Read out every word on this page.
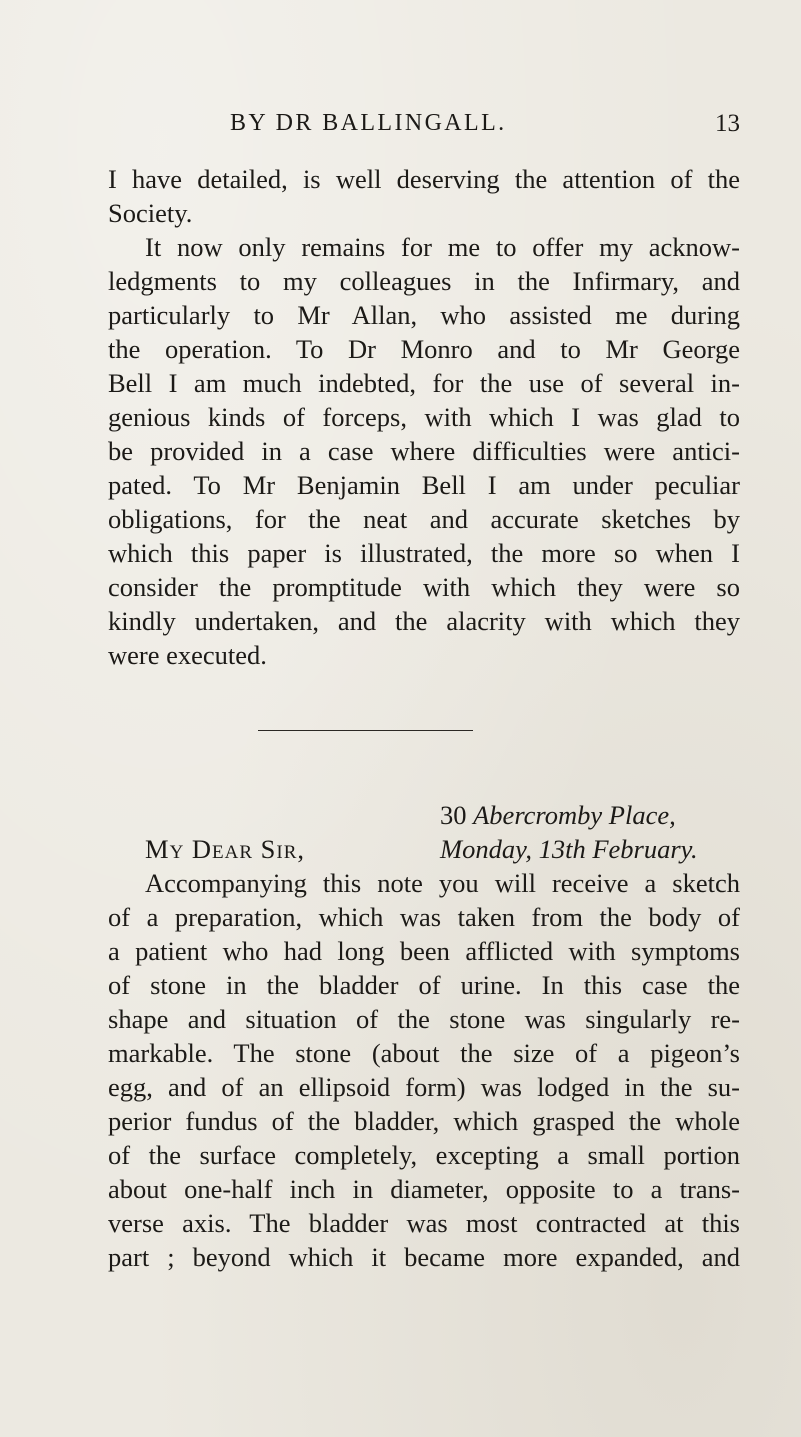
BY DR BALLINGALL.	13
I have detailed, is well deserving the attention of the
Society.
It now only remains for me to offer my acknow-
ledgments to my colleagues in the Infirmary, and
particularly to Mr Allan, who assisted me during
the operation. To Dr Monro and to Mr George
Bell I am much indebted, for the use of several in-
genious kinds of forceps, with which I was glad to
be provided in a case where difficulties were antici-
pated. To Mr Benjamin Bell I am under peculiar
obligations, for the neat and accurate sketches by
which this paper is illustrated, the more so when I
consider the promptitude with which they were so
kindly undertaken, and the alacrity with which they
were executed.
30 Abercromby Place,
My Dear Sir,	Monday, 13th February.
Accompanying this note you will receive a sketch
of a preparation, which was taken from the body of
a patient who had long been afflicted with symptoms
of stone in the bladder of urine. In this case the
shape and situation of the stone was singularly re-
markable. The stone (about the size of a pigeon’s
egg, and of an ellipsoid form) was lodged in the su-
perior fundus of the bladder, which grasped the whole
of the surface completely, excepting a small portion
about one-half inch in diameter, opposite to a trans-
verse axis. The bladder was most contracted at this
part ; beyond which it became more expanded, and
